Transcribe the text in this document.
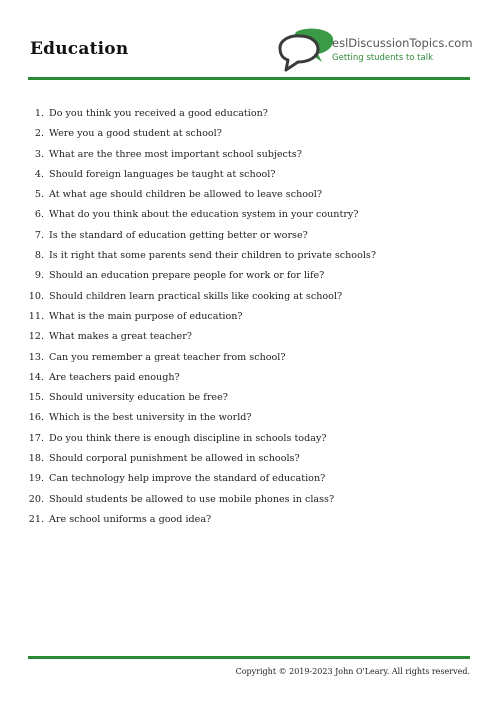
Education	eslDiscussionTopics.com
Getting students to talk
1. Do you think you received a good education?
2. Were you a good student at school?
3. What are the three most important school subjects?
4. Should foreign languages be taught at school?
5. At what age should children be allowed to leave school?
6. What do you think about the education system in your country?
7. Is the standard of education getting better or worse?
8. Is it right that some parents send their children to private schools?
9. Should an education prepare people for work or for life?
10. Should children learn practical skills like cooking at school?
11. What is the main purpose of education?
12. What makes a great teacher?
13. Can you remember a great teacher from school?
14. Are teachers paid enough?
15. Should university education be free?
16. Which is the best university in the world?
17. Do you think there is enough discipline in schools today?
18. Should corporal punishment be allowed in schools?
19. Can technology help improve the standard of education?
20. Should students be allowed to use mobile phones in class?
21. Are school uniforms a good idea?
Copyright © 2019-2023 John O'Leary. All rights reserved.
